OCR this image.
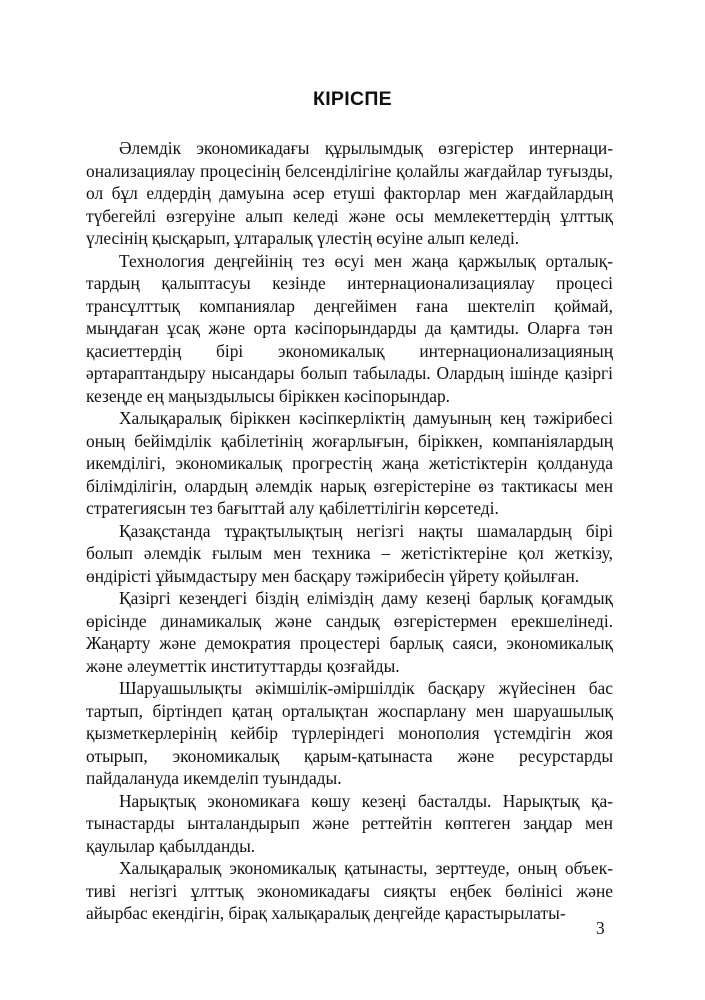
КІРІСПЕ

Әлемдік экономикадағы құрылымдық өзгерістер интернационализациялау процесінің белсенділігіне қолайлы жағдайлар туғызды, ол бұл елдердің дамуына әсер етуші факторлар мен жағдайлардың түбегейлі өзгеруіне алып келеді және осы мемлекеттердің ұлттық үлесінің қысқарып, ұлтаралық үлестің өсуіне алып келеді.

Технология деңгейінің тез өсуі мен жаңа қаржылық орталықтардың қалыптасуы кезінде интернационализациялау процесі трансұлттық компаниялар деңгейімен ғана шектеліп қоймай, мыңдаған ұсақ және орта кәсіпорындарды да қамтиды. Оларға тән қасиеттердің бірі экономикалық интернационализацияның әртараптандыру нысандары болып табылады. Олардың ішінде қазіргі кезеңде ең маңыздылысы біріккен кәсіпорындар.

Халықаралық біріккен кәсіпкерліктің дамуының кең тәжірибесі оның бейімділік қабілетінің жоғарлығын, біріккен, компанiялардың икемділігі, экономикалық прогрестің жаңа жетістіктерін қолдануда білімділігін, олардың әлемдік нарық өзгерістеріне өз тактикасы мен стратегиясын тез бағыттай алу қабілеттілігін көрсетеді.

Қазақстанда тұрақтылықтың негізгі нақты шамалардың бірі болып әлемдік ғылым мен техника – жетістіктеріне қол жеткізу, өндірісті ұйымдастыру мен басқару тәжірибесін үйрету қойылған.

Қазіргі кезеңдегі біздің еліміздің даму кезеңі барлық қоғамдық өрісінде динамикалық және сандық өзгерістермен ерекшелінеді. Жаңарту және демократия процестері барлық саяси, экономикалық және әлеуметтік институттарды қозғайды.

Шаруашылықты әкімшілік-әміршілдік басқару жүйесінен бас тартып, біртіндеп қатаң орталықтан жоспарлану мен шаруашылық қызметкерлерінің кейбір түрлеріндегі монополия үстемдігін жоя отырып, экономикалық қарым-қатынаста және ресурстарды пайдалануда икемделіп туындады.

Нарықтық экономикаға көшу кезеңі басталды. Нарықтық қатынастарды ынталандырып және реттейтін көптеген заңдар мен қаулылар қабылданды.

Халықаралық экономикалық қатынасты, зерттеуде, оның объективі негізгі ұлттық экономикадағы сияқты еңбек бөлінісі және айырбас екендігін, бірақ халықаралық деңгейде қарастырылаты-

3
